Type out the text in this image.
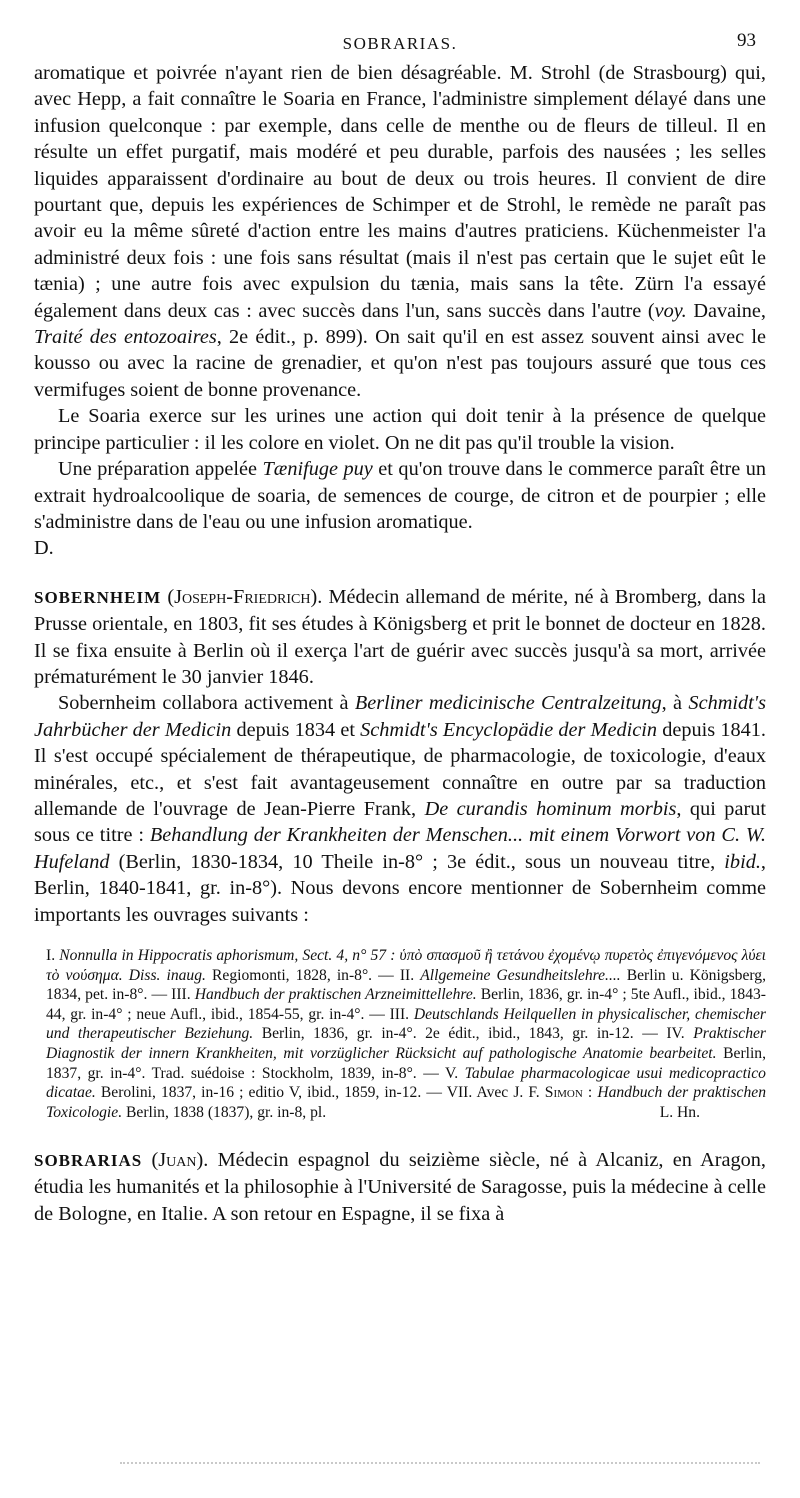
SOBRARIAS.	93

aromatique et poivrée n'ayant rien de bien désagréable. M. Strohl (de Strasbourg) qui, avec Hepp, a fait connaître le Soaria en France, l'administre simplement délayé dans une infusion quelconque : par exemple, dans celle de menthe ou de fleurs de tilleul. Il en résulte un effet purgatif, mais modéré et peu durable, parfois des nausées ; les selles liquides apparaissent d'ordinaire au bout de deux ou trois heures. Il convient de dire pourtant que, depuis les expériences de Schimper et de Strohl, le remède ne paraît pas avoir eu la même sûreté d'action entre les mains d'autres praticiens. Küchenmeister l'a administré deux fois : une fois sans résultat (mais il n'est pas certain que le sujet eût le tænia) ; une autre fois avec expulsion du tænia, mais sans la tête. Zürn l'a essayé également dans deux cas : avec succès dans l'un, sans succès dans l'autre (voy. Davaine, Traité des entozoaires, 2e édit., p. 899). On sait qu'il en est assez souvent ainsi avec le kousso ou avec la racine de grenadier, et qu'on n'est pas toujours assuré que tous ces vermifuges soient de bonne provenance.

Le Soaria exerce sur les urines une action qui doit tenir à la présence de quelque principe particulier : il les colore en violet. On ne dit pas qu'il trouble la vision.

Une préparation appelée Tænifuge puy et qu'on trouve dans le commerce paraît être un extrait hydroalcoolique de soaria, de semences de courge, de citron et de pourpier ; elle s'administre dans de l'eau ou une infusion aromatique.

D.

SOBERNHEIM (Joseph-Friedrich). Médecin allemand de mérite, né à Bromberg, dans la Prusse orientale, en 1803, fit ses études à Königsberg et prit le bonnet de docteur en 1828. Il se fixa ensuite à Berlin où il exerça l'art de guérir avec succès jusqu'à sa mort, arrivée prématurément le 30 janvier 1846.

Sobernheim collabora activement à Berliner medicinische Centralzeitung, à Schmidt's Jahrbücher der Medicin depuis 1834 et Schmidt's Encyclopädie der Medicin depuis 1841. Il s'est occupé spécialement de thérapeutique, de pharmacologie, de toxicologie, d'eaux minérales, etc., et s'est fait avantageusement connaître en outre par sa traduction allemande de l'ouvrage de Jean-Pierre Frank, De curandis hominum morbis, qui parut sous ce titre : Behandlung der Krankheiten der Menschen... mit einem Vorwort von C. W. Hufeland (Berlin, 1830-1834, 10 Theile in-8° ; 3e édit., sous un nouveau titre, ibid., Berlin, 1840-1841, gr. in-8°). Nous devons encore mentionner de Sobernheim comme importants les ouvrages suivants :

I. Nonnulla in Hippocratis aphorismum, Sect. 4, n° 57 : ὑπὸ σπασμοῦ ἢ τετάνου ἐχομένῳ πυρετὸς ἐπιγενόμενος λύει τὸ νούσημα. Diss. inaug. Regiomonti, 1828, in-8°. — II. Allgemeine Gesundheitslehre.... Berlin u. Königsberg, 1834, pet. in-8°. — III. Handbuch der praktischen Arzneimittellehre. Berlin, 1836, gr. in-4° ; 5te Aufl., ibid., 1843-44, gr. in-4° ; neue Aufl., ibid., 1854-55, gr. in-4°. — III. Deutschlands Heilquellen in physicalischer, chemischer und therapeutischer Beziehung. Berlin, 1836, gr. in-4°. 2e édit., ibid., 1843, gr. in-12. — IV. Praktischer Diagnostik der innern Krankheiten, mit vorzüglicher Rücksicht auf pathologische Anatomie bearbeitet. Berlin, 1837, gr. in-4°. Trad. suédoise : Stockholm, 1839, in-8°. — V. Tabulae pharmacologicae usui medicopractico dicatae. Berolini, 1837, in-16 ; editio V, ibid., 1859, in-12. — VII. Avec J. F. Simon : Handbuch der praktischen Toxicologie. Berlin, 1838 (1837), gr. in-8, pl.	L. Hn.

SOBRARIAS (Juan). Médecin espagnol du seizième siècle, né à Alcaniz, en Aragon, étudia les humanités et la philosophie à l'Université de Saragosse, puis la médecine à celle de Bologne, en Italie. A son retour en Espagne, il se fixa à
